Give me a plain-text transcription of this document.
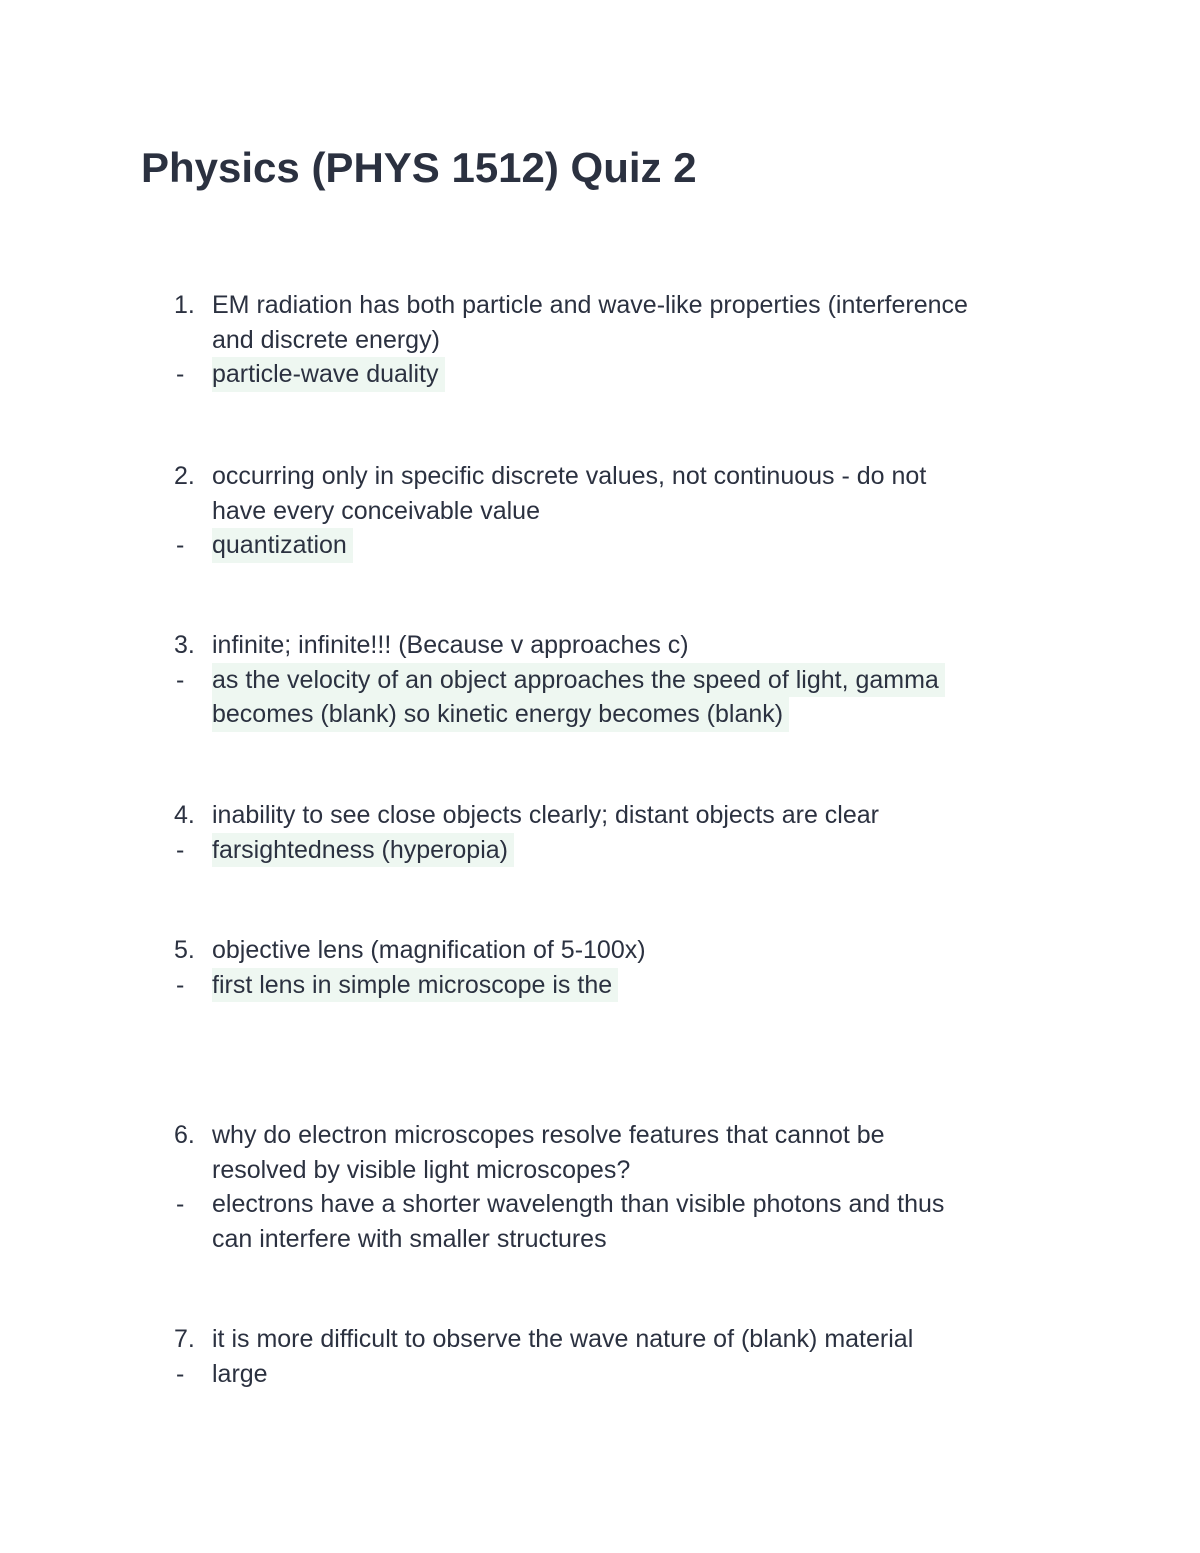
Physics (PHYS 1512) Quiz 2
1. EM radiation has both particle and wave-like properties (interference
and discrete energy)
- particle-wave duality
2. occurring only in specific discrete values, not continuous - do not
have every conceivable value
- quantization
3. infinite; infinite!!! (Because v approaches c)
- as the velocity of an object approaches the speed of light, gamma
becomes (blank) so kinetic energy becomes (blank)
4. inability to see close objects clearly; distant objects are clear
- farsightedness (hyperopia)
5. objective lens (magnification of 5-100x)
- first lens in simple microscope is the
6. why do electron microscopes resolve features that cannot be
resolved by visible light microscopes?
- electrons have a shorter wavelength than visible photons and thus
can interfere with smaller structures
7. it is more difficult to observe the wave nature of (blank) material
- large
